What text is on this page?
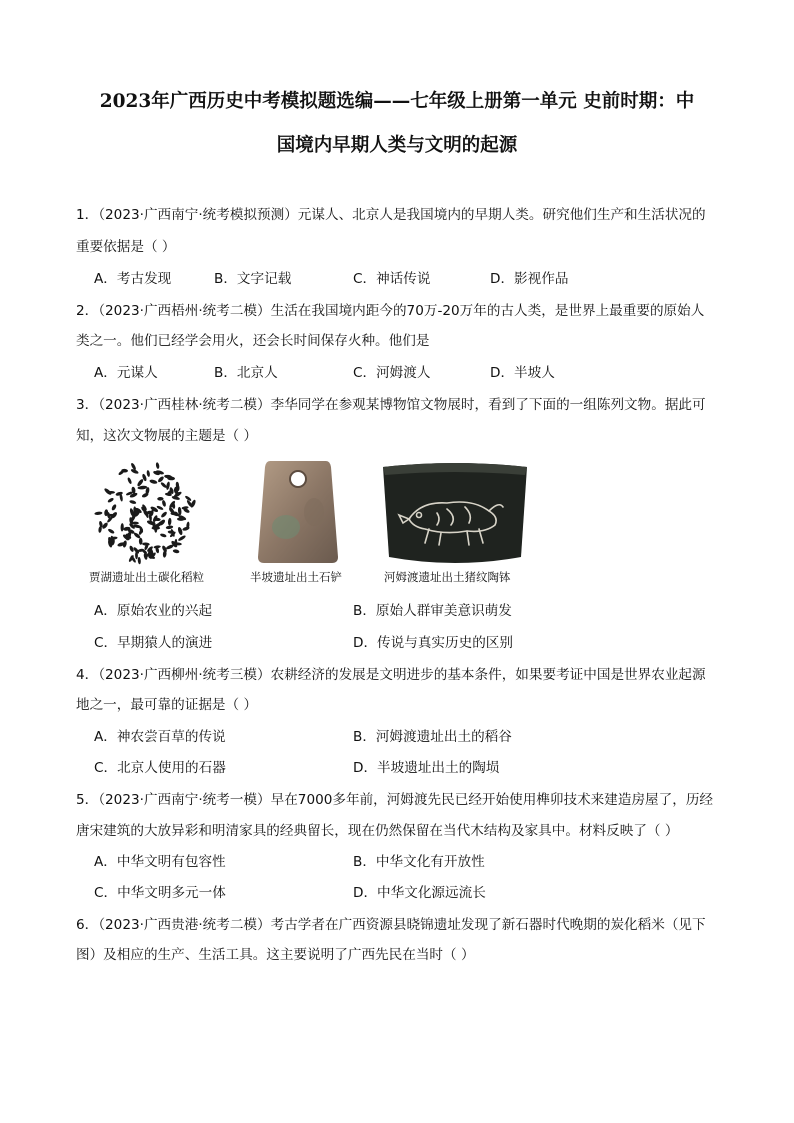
2023年广西历史中考模拟题选编——七年级上册第一单元 史前时期：中
国境内早期人类与文明的起源
1．（2023·广西南宁·统考模拟预测）元谋人、北京人是我国境内的早期人类。研究他们生产和生活状况的
重要依据是（ ）
A．考古发现	B．文字记载	C．神话传说	D．影视作品
2．（2023·广西梧州·统考二模）生活在我国境内距今的70万-20万年的古人类，是世界上最重要的原始人
类之一。他们已经学会用火，还会长时间保存火种。他们是
A．元谋人	B．北京人	C．河姆渡人	D．半坡人
3．（2023·广西桂林·统考二模）李华同学在参观某博物馆文物展时，看到了下面的一组陈列文物。据此可
知，这次文物展的主题是（ ）
贾湖遗址出土碳化稻粒	半坡遗址出土石铲	河姆渡遗址出土猪纹陶钵
A．原始农业的兴起	B．原始人群审美意识萌发
C．早期猿人的演进	D．传说与真实历史的区别
4．（2023·广西柳州·统考三模）农耕经济的发展是文明进步的基本条件，如果要考证中国是世界农业起源
地之一，最可靠的证据是（ ）
A．神农尝百草的传说	B．河姆渡遗址出土的稻谷
C．北京人使用的石器	D．半坡遗址出土的陶埙
5．（2023·广西南宁·统考一模）早在7000多年前，河姆渡先民已经开始使用榫卯技术来建造房屋了，历经
唐宋建筑的大放异彩和明清家具的经典留长，现在仍然保留在当代木结构及家具中。材料反映了（ ）
A．中华文明有包容性	B．中华文化有开放性
C．中华文明多元一体	D．中华文化源远流长
6．（2023·广西贵港·统考二模）考古学者在广西资源县晓锦遗址发现了新石器时代晚期的炭化稻米（见下
图）及相应的生产、生活工具。这主要说明了广西先民在当时（ ）
